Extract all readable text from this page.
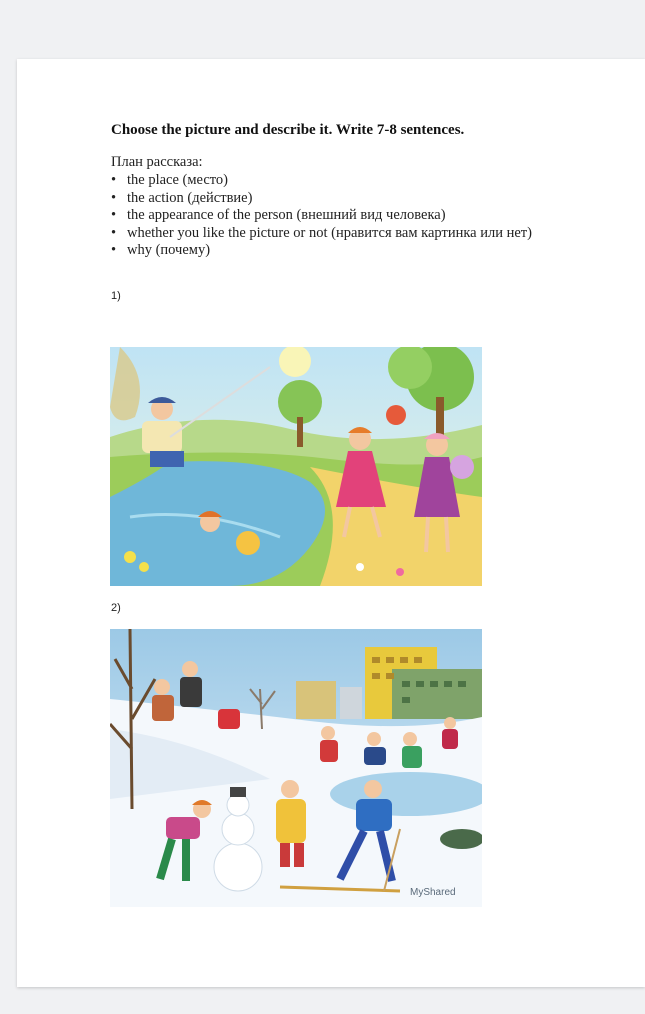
Choose the picture and describe it. Write 7-8 sentences.
План рассказа:
• the place (место)
• the action (действие)
• the appearance of the person (внешний вид человека)
• whether you like the picture or not (нравится вам картинка или нет)
• why (почему)
1)
2)
MyShared
